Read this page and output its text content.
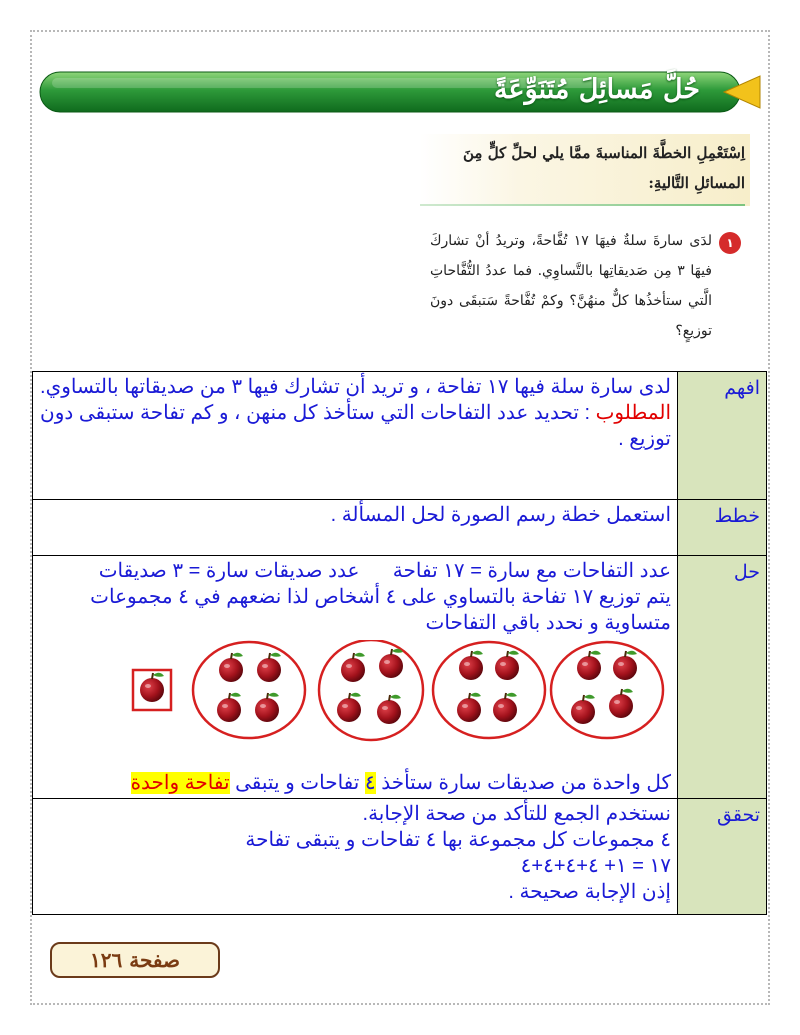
حُلَّ مَسائِلَ مُتَنَوِّعَةً
اِسْتَعْمِلِ الخطَّةَ المناسبةَ ممَّا يلي لحلِّ كلٍّ مِنَ المسائلِ التَّاليةِ:
١
لدَى سارةَ سلةٌ فيهَا ١٧ تُفَّاحةً، وتريدُ أنْ تشاركَ فيهَا ٣ مِن صَديقاتِها بالتَّساوِي. فما عددُ التُّفَّاحاتِ الَّتي ستأخذُها كلٌّ منهُنَّ؟ وكمْ تُفَّاحةً سَتبقَى دونَ توزيعٍ؟
افهم	لدى سارة سلة فيها ١٧ تفاحة ، و تريد أن تشارك فيها ٣ من صديقاتها بالتساوي.
المطلوب : تحديد عدد التفاحات التي ستأخذ كل منهن ، و كم تفاحة ستبقى دون توزيع .

خطط	استعمل خطة رسم الصورة لحل المسألة .
حل	عدد التفاحات مع سارة = ١٧ تفاحة      عدد صديقات سارة = ٣ صديقات
يتم توزيع ١٧ تفاحة بالتساوي على ٤ أشخاص لذا نضعهم في ٤ مجموعات متساوية و نحدد باقي التفاحات
كل واحدة من صديقات سارة ستأخذ ٤ تفاحات و يتبقى تفاحة واحدة

تحقق	نستخدم الجمع للتأكد من صحة الإجابة.
٤ مجموعات كل مجموعة بها ٤ تفاحات و يتبقى تفاحة
١٧ = ١+ ٤+٤+٤+٤
إذن الإجابة صحيحة .
صفحة ١٢٦
